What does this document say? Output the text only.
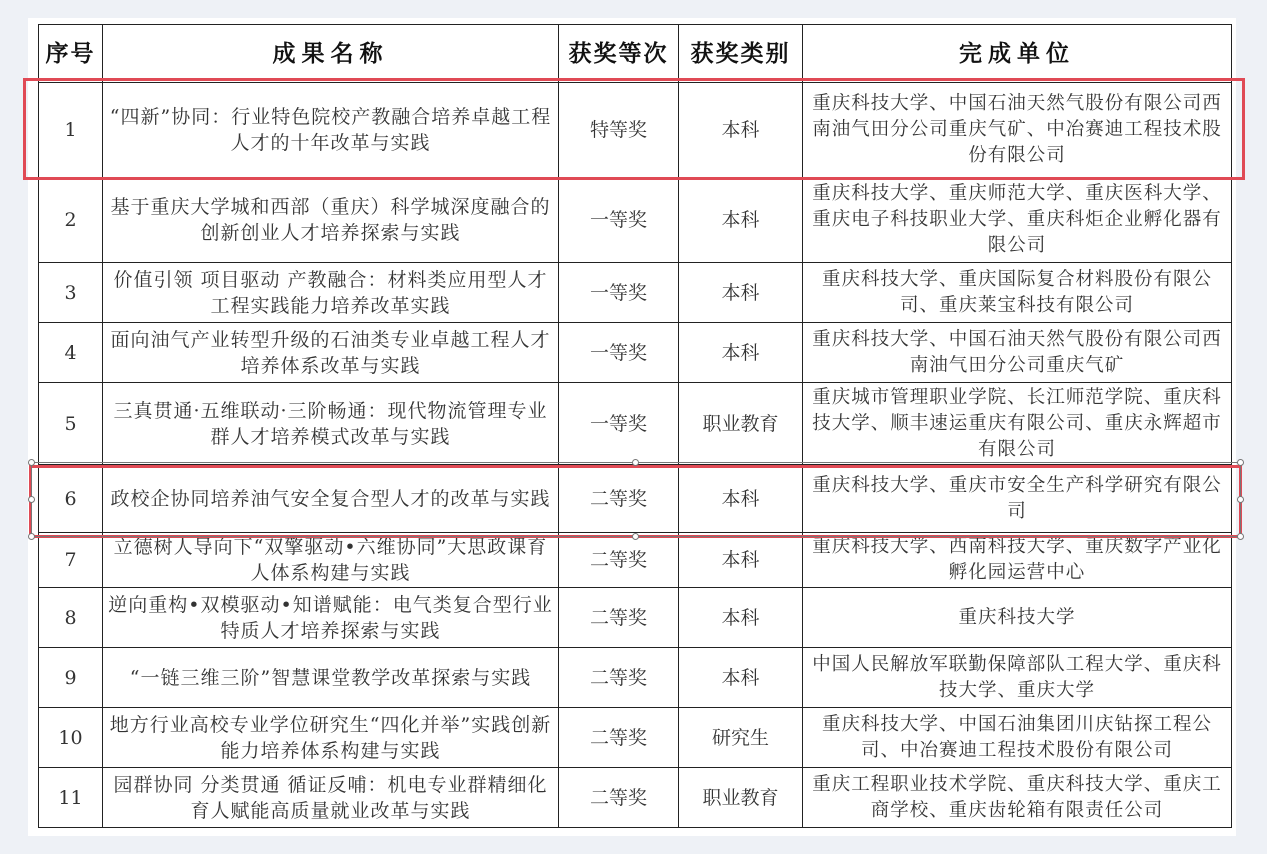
序号	成果名称	获奖等次	获奖类别	完成单位
1	“四新”协同：行业特色院校产教融合培养卓越工程人才的十年改革与实践	特等奖	本科	重庆科技大学、中国石油天然气股份有限公司西南油气田分公司重庆气矿、中冶赛迪工程技术股份有限公司
2	基于重庆大学城和西部（重庆）科学城深度融合的创新创业人才培养探索与实践	一等奖	本科	重庆科技大学、重庆师范大学、重庆医科大学、重庆电子科技职业大学、重庆科炬企业孵化器有限公司
3	价值引领 项目驱动 产教融合：材料类应用型人才工程实践能力培养改革实践	一等奖	本科	重庆科技大学、重庆国际复合材料股份有限公司、重庆莱宝科技有限公司
4	面向油气产业转型升级的石油类专业卓越工程人才培养体系改革与实践	一等奖	本科	重庆科技大学、中国石油天然气股份有限公司西南油气田分公司重庆气矿
5	三真贯通·五维联动·三阶畅通：现代物流管理专业群人才培养模式改革与实践	一等奖	职业教育	重庆城市管理职业学院、长江师范学院、重庆科技大学、顺丰速运重庆有限公司、重庆永辉超市有限公司
6	政校企协同培养油气安全复合型人才的改革与实践	二等奖	本科	重庆科技大学、重庆市安全生产科学研究有限公司
7	立德树人导向下“双擎驱动•六维协同”大思政课育人体系构建与实践	二等奖	本科	重庆科技大学、西南科技大学、重庆数字产业化孵化园运营中心
8	逆向重构•双模驱动•知谱赋能：电气类复合型行业特质人才培养探索与实践	二等奖	本科	重庆科技大学
9	“一链三维三阶”智慧课堂教学改革探索与实践	二等奖	本科	中国人民解放军联勤保障部队工程大学、重庆科技大学、重庆大学
10	地方行业高校专业学位研究生“四化并举”实践创新能力培养体系构建与实践	二等奖	研究生	重庆科技大学、中国石油集团川庆钻探工程公司、中冶赛迪工程技术股份有限公司
11	园群协同 分类贯通 循证反哺：机电专业群精细化育人赋能高质量就业改革与实践	二等奖	职业教育	重庆工程职业技术学院、重庆科技大学、重庆工商学校、重庆齿轮箱有限责任公司
